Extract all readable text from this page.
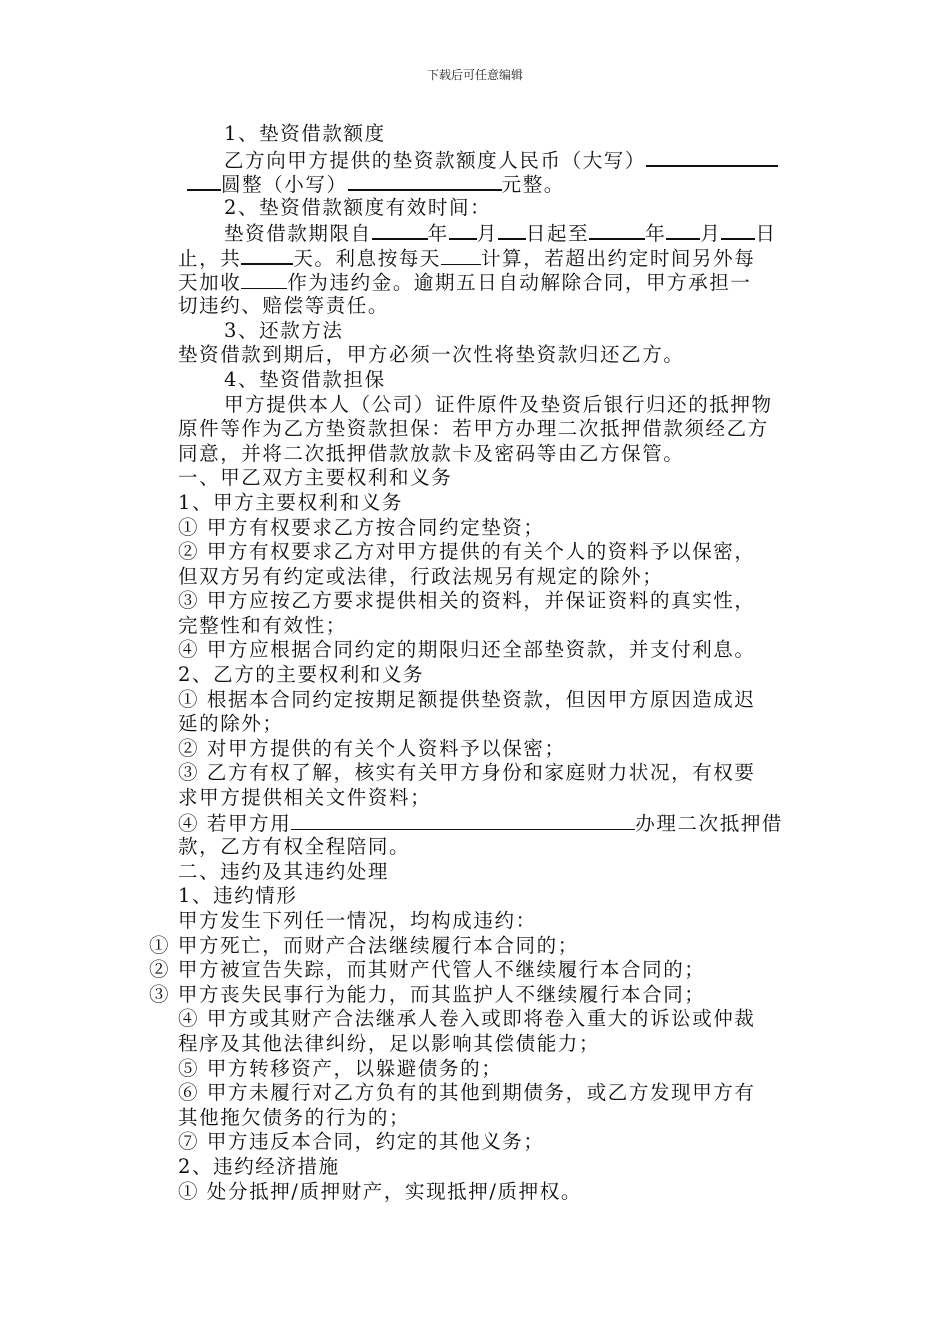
下载后可任意编辑
1、垫资借款额度
乙方向甲方提供的垫资款额度人民币（大写）
圆整（小写）	元整。
2、垫资借款额度有效时间：
垫资借款期限自	年 月 日起至	年 月 日
止，共	天。利息按每天 计算，若超出约定时间另外每
天加收 作为违约金。逾期五日自动解除合同，甲方承担一
切违约、赔偿等责任。
3、还款方法
垫资借款到期后，甲方必须一次性将垫资款归还乙方。
4、垫资借款担保
甲方提供本人（公司）证件原件及垫资后银行归还的抵押物
原件等作为乙方垫资款担保：若甲方办理二次抵押借款须经乙方
同意，并将二次抵押借款放款卡及密码等由乙方保管。
一、甲乙双方主要权利和义务
1、甲方主要权利和义务
① 甲方有权要求乙方按合同约定垫资；
② 甲方有权要求乙方对甲方提供的有关个人的资料予以保密，
但双方另有约定或法律，行政法规另有规定的除外；
③ 甲方应按乙方要求提供相关的资料，并保证资料的真实性，
完整性和有效性；
④ 甲方应根据合同约定的期限归还全部垫资款，并支付利息。
2、乙方的主要权利和义务
① 根据本合同约定按期足额提供垫资款，但因甲方原因造成迟
延的除外；
② 对甲方提供的有关个人资料予以保密；
③ 乙方有权了解，核实有关甲方身份和家庭财力状况，有权要
求甲方提供相关文件资料；
④ 若甲方用	办理二次抵押借
款，乙方有权全程陪同。
二、违约及其违约处理
1、违约情形
甲方发生下列任一情况，均构成违约：
① 甲方死亡，而财产合法继续履行本合同的；
② 甲方被宣告失踪，而其财产代管人不继续履行本合同的；
③ 甲方丧失民事行为能力，而其监护人不继续履行本合同；
④ 甲方或其财产合法继承人卷入或即将卷入重大的诉讼或仲裁
程序及其他法律纠纷，足以影响其偿债能力；
⑤ 甲方转移资产，以躲避债务的；
⑥ 甲方未履行对乙方负有的其他到期债务，或乙方发现甲方有
其他拖欠债务的行为的；
⑦ 甲方违反本合同，约定的其他义务；
2、违约经济措施
① 处分抵押/质押财产，实现抵押/质押权。
